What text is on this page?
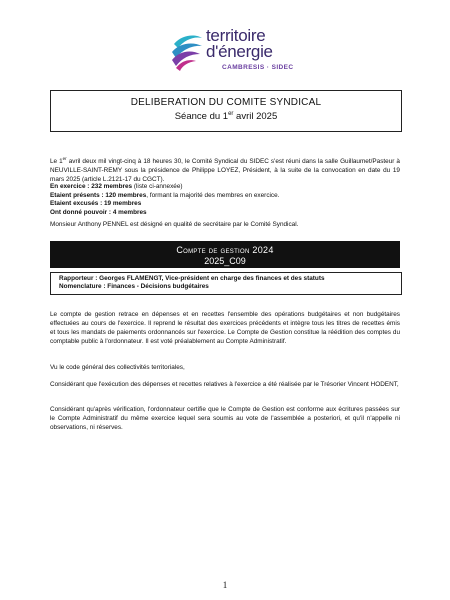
territoire
d'énergie
CAMBRESIS · SIDEC
DELIBERATION DU COMITE SYNDICAL
Séance du 1er avril 2025
Le 1er avril deux mil vingt-cinq à 18 heures 30, le Comité Syndical du SIDEC s'est réuni dans la salle Guillaumet/Pasteur à NEUVILLE-SAINT-REMY sous la présidence de Philippe LOYEZ, Président, à la suite de la convocation en date du 19 mars 2025 (article L.2121-17 du CGCT).
En exercice : 232 membres (liste ci-annexée)
Etaient présents : 120 membres, formant la majorité des membres en exercice.
Etaient excusés : 19 membres
Ont donné pouvoir : 4 membres
Monsieur Anthony PENNEL est désigné en qualité de secrétaire par le Comité Syndical.
Compte de gestion 2024
2025_C09
Rapporteur : Georges FLAMENGT, Vice-président en charge des finances et des statuts
Nomenclature : Finances - Décisions budgétaires
Le compte de gestion retrace en dépenses et en recettes l'ensemble des opérations budgétaires et non budgétaires effectuées au cours de l'exercice. Il reprend le résultat des exercices précédents et intègre tous les titres de recettes émis et tous les mandats de paiements ordonnancés sur l'exercice. Le Compte de Gestion constitue la réédition des comptes du comptable public à l'ordonnateur. Il est voté préalablement au Compte Administratif.
Vu le code général des collectivités territoriales,
Considérant que l'exécution des dépenses et recettes relatives à l'exercice a été réalisée par le Trésorier Vincent HODENT,
Considérant qu'après vérification, l'ordonnateur certifie que le Compte de Gestion est conforme aux écritures passées sur le Compte Administratif du même exercice lequel sera soumis au vote de l'assemblée a posteriori, et qu'il n'appelle ni observations, ni réserves.
1
